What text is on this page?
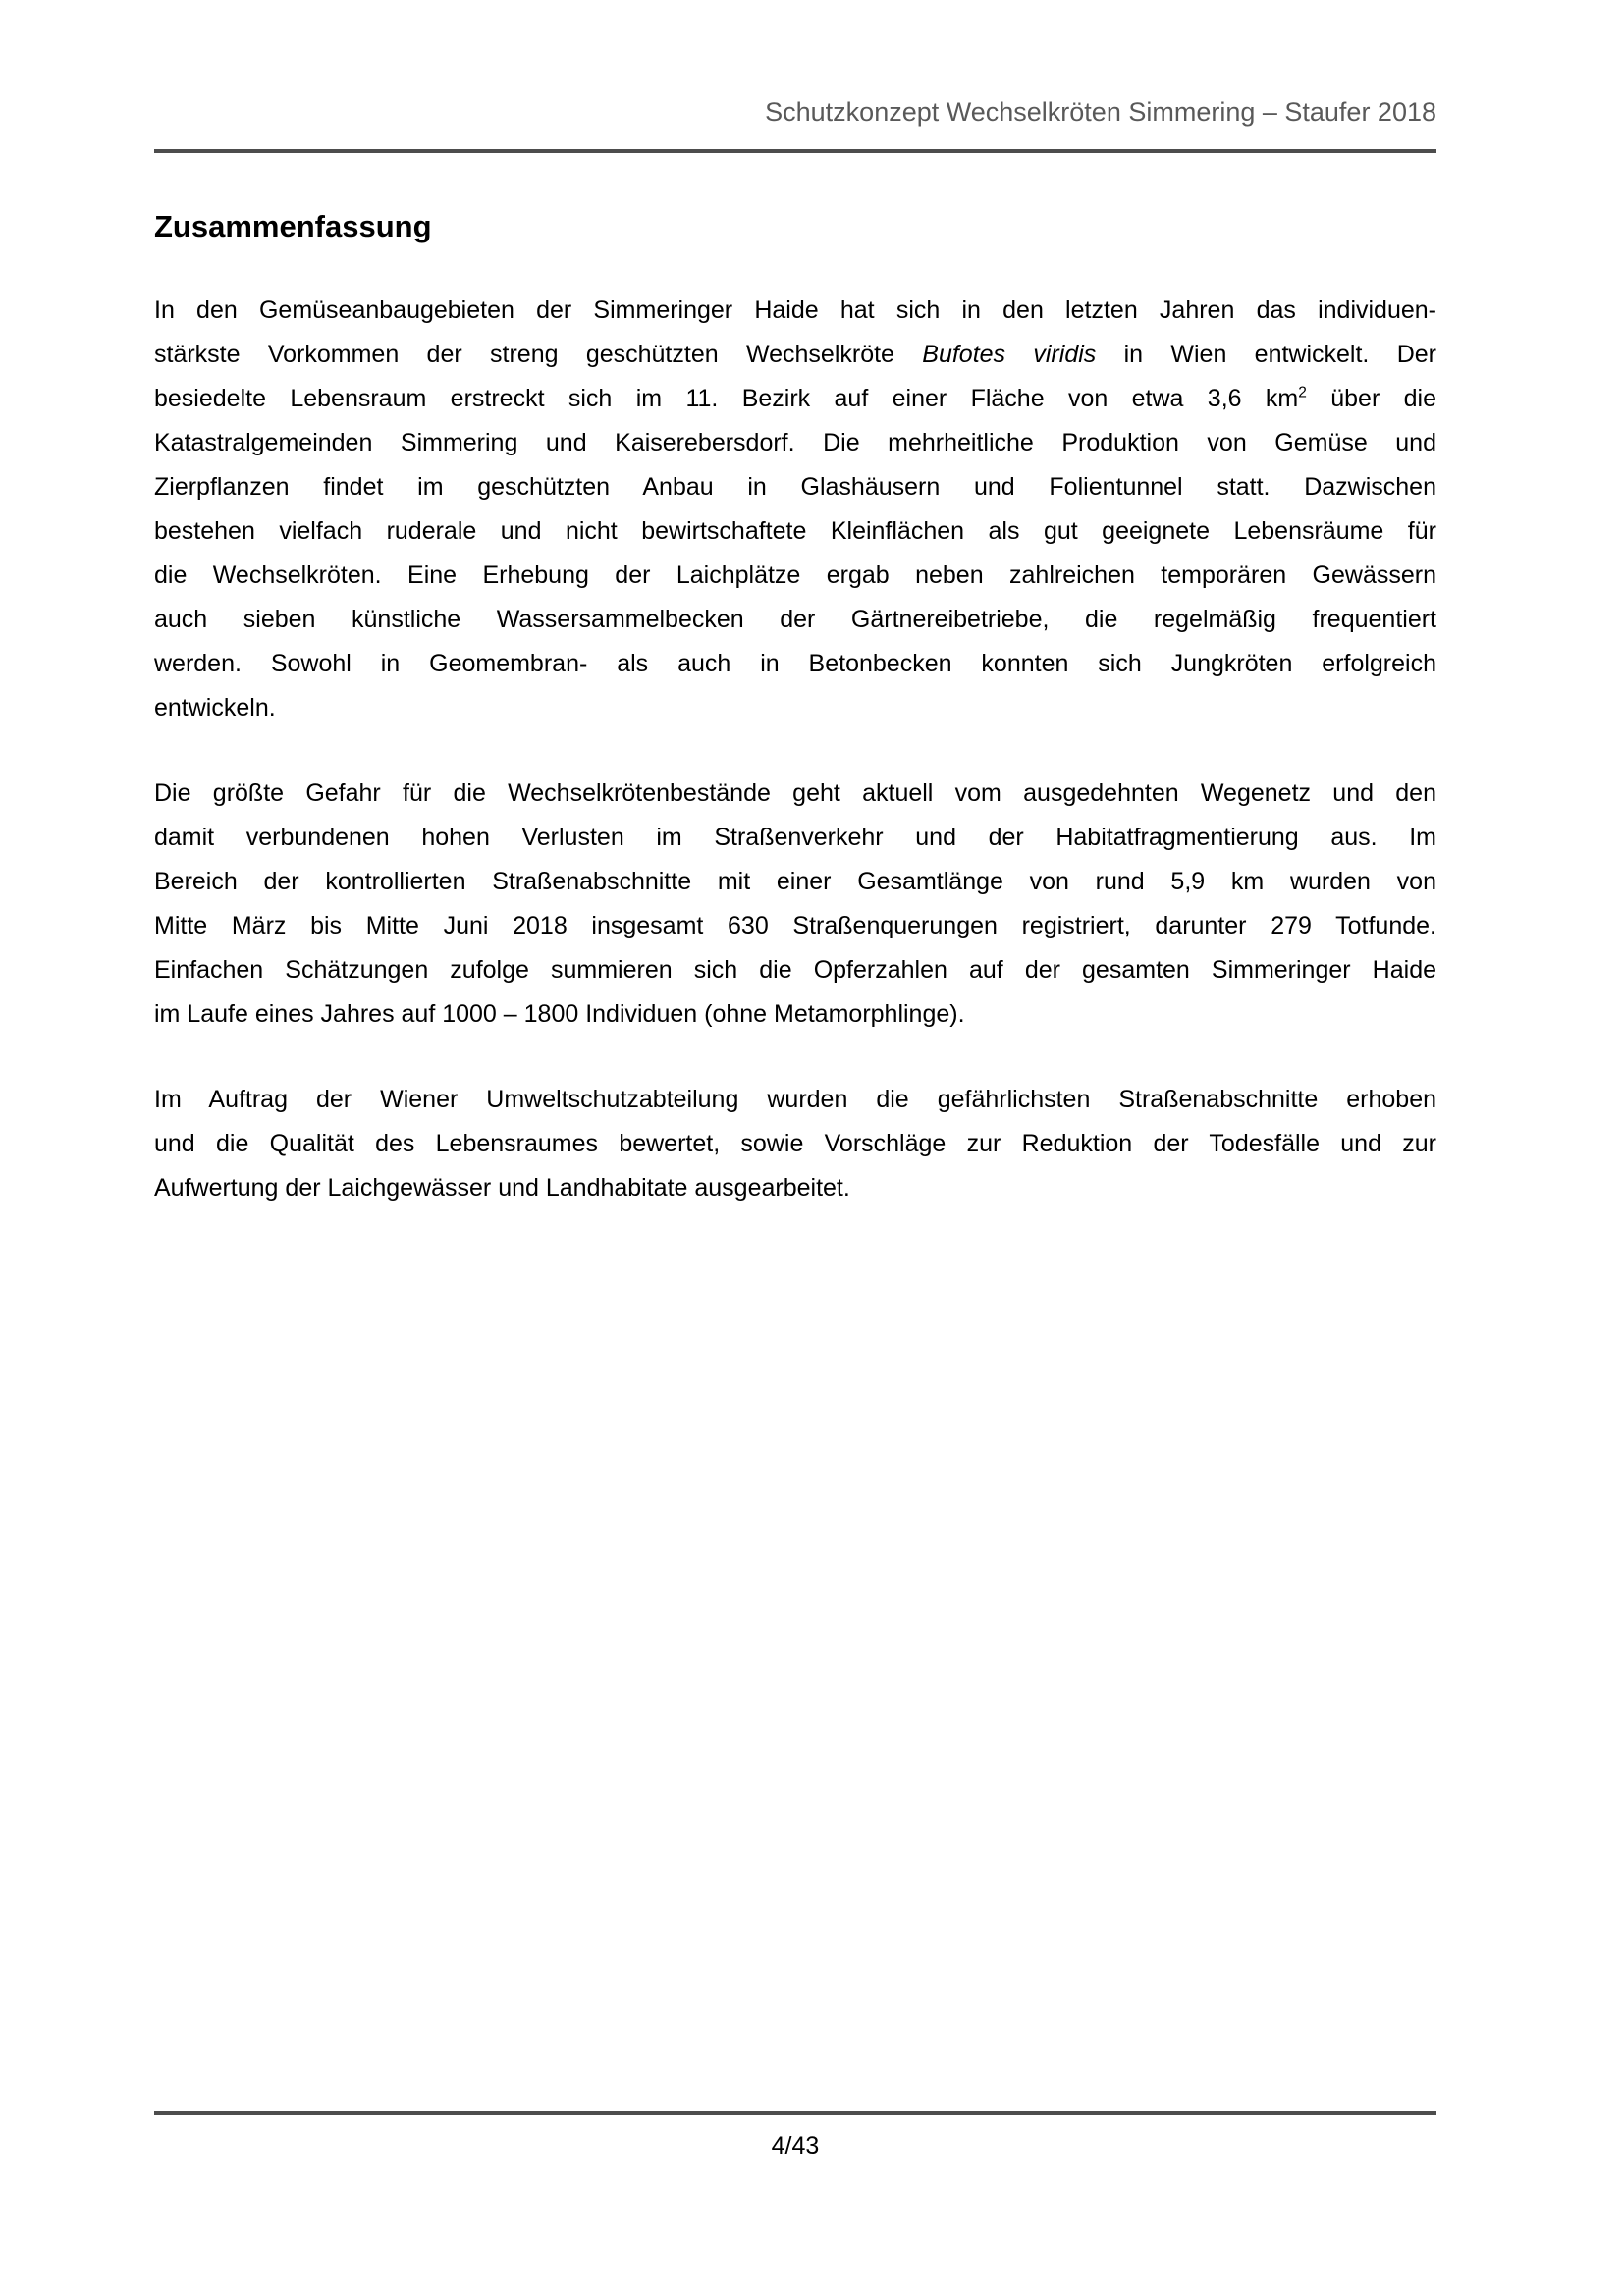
Schutzkonzept Wechselkröten Simmering – Staufer 2018
Zusammenfassung
In den Gemüseanbaugebieten der Simmeringer Haide hat sich in den letzten Jahren das individuen-
stärkste Vorkommen der streng geschützten Wechselkröte Bufotes viridis in Wien entwickelt. Der
besiedelte Lebensraum erstreckt sich im 11. Bezirk auf einer Fläche von etwa 3,6 $km^2$ über die
Katastralgemeinden Simmering und Kaiserebersdorf. Die mehrheitliche Produktion von Gemüse und
Zierpflanzen findet im geschützten Anbau in Glashäusern und Folientunnel statt. Dazwischen
bestehen vielfach ruderale und nicht bewirtschaftete Kleinflächen als gut geeignete Lebensräume für
die Wechselkröten. Eine Erhebung der Laichplätze ergab neben zahlreichen temporären Gewässern
auch sieben künstliche Wassersammelbecken der Gärtnereibetriebe, die regelmäßig frequentiert
werden. Sowohl in Geomembran- als auch in Betonbecken konnten sich Jungkröten erfolgreich
entwickeln.
Die größte Gefahr für die Wechselkrötenbestände geht aktuell vom ausgedehnten Wegenetz und den
damit verbundenen hohen Verlusten im Straßenverkehr und der Habitatfragmentierung aus. Im
Bereich der kontrollierten Straßenabschnitte mit einer Gesamtlänge von rund 5,9 km wurden von
Mitte März bis Mitte Juni 2018 insgesamt 630 Straßenquerungen registriert, darunter 279 Totfunde.
Einfachen Schätzungen zufolge summieren sich die Opferzahlen auf der gesamten Simmeringer Haide
im Laufe eines Jahres auf 1000 – 1800 Individuen (ohne Metamorphlinge).
Im Auftrag der Wiener Umweltschutzabteilung wurden die gefährlichsten Straßenabschnitte erhoben
und die Qualität des Lebensraumes bewertet, sowie Vorschläge zur Reduktion der Todesfälle und zur
Aufwertung der Laichgewässer und Landhabitate ausgearbeitet.
4/43
